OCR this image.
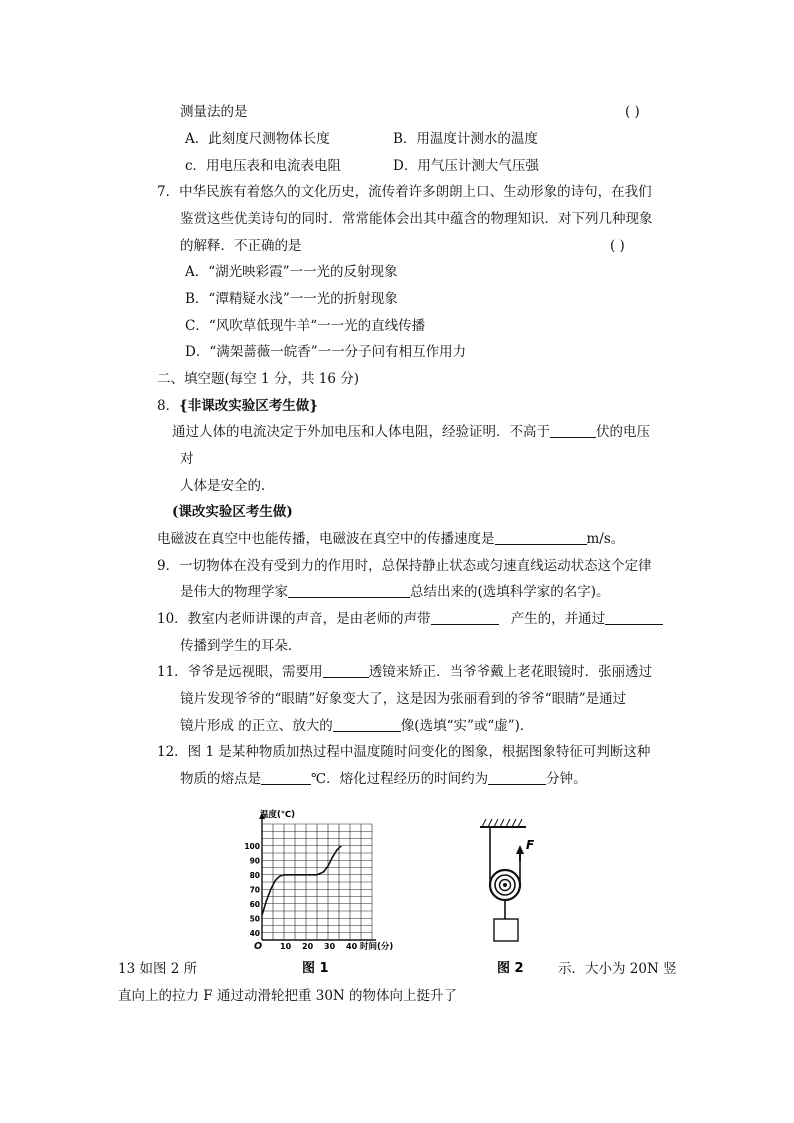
测量法的是	( )
A．此刻度尺测物体长度	B．用温度计测水的温度
c．用电压表和电流表电阻	D．用气压计测大气压强
7．中华民族有着悠久的文化历史，流传着许多朗朗上口、生动形象的诗句，在我们
鉴赏这些优美诗句的同时．常常能体会出其中蕴含的物理知识．对下列几种现象
的解释．不正确的是	( )
A．“湖光映彩霞”一一光的反射现象
B．“潭精疑水浅”一一光的折射现象
C．“风吹草低现牛羊“一一光的直线传播
D．“满架蔷薇一皖香”一一分子问有相互作用力
二、填空题(每空 1 分，共 16 分)
8．{非课改实验区考生做}
通过人体的电流决定于外加电压和人体电阻，经验证明．不高于	伏的电压
对
人体是安全的．
(课改实验区考生做)
电磁波在真空中也能传播，电磁波在真空中的传播速度是	m/s。
9．一切物体在没有受到力的作用时，总保持静止状态或匀速直线运动状态这个定律
是伟大的物理学家	总结出来的(选填科学家的名字)。
10．教室内老师讲课的声音，是由老师的声带	产生的，并通过
传播到学生的耳朵．
11．爷爷是远视眼，需要用	透镜来矫正．当爷爷戴上老花眼镜时．张丽透过
镜片发现爷爷的“眼睛”好象变大了，这是因为张丽看到的爷爷“眼睛”是通过
镜片形成 的正立、放大的	像(选填“实”或“虚”)．
12．图 1 是某种物质加热过程中温度随时问变化的图象，根据图象特征可判断这种
物质的熔点是	℃．熔化过程经历的时间约为	分钟。
10 20 30 40
40
50
60
70
80
90
100
温度(℃)
时间(分)
O
图 1
F
图 2
13 如图 2 所	示．大小为 20N 竖
直向上的拉力 F 通过动滑轮把重 30N 的物体向上挺升了
